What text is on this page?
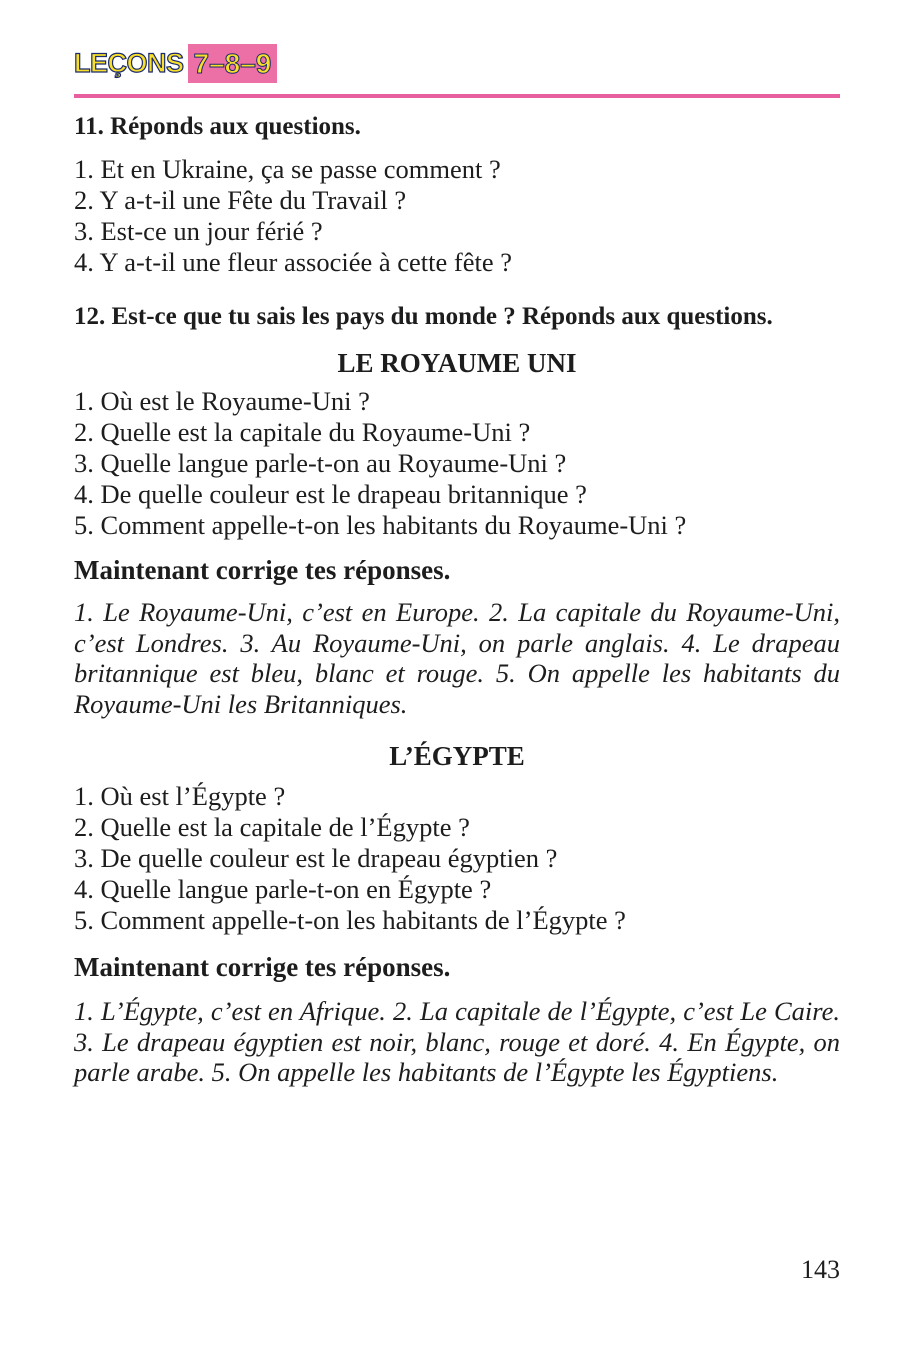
LEÇONS 7–8–9

11. Réponds aux questions.

1. Et en Ukraine, ça se passe comment ?
2. Y a-t-il une Fête du Travail ?
3. Est-ce un jour férié ?
4. Y a-t-il une fleur associée à cette fête ?

12. Est-ce que tu sais les pays du monde ? Réponds aux questions.

LE ROYAUME UNI

1. Où est le Royaume-Uni ?
2. Quelle est la capitale du Royaume-Uni ?
3. Quelle langue parle-t-on au Royaume-Uni ?
4. De quelle couleur est le drapeau britannique ?
5. Comment appelle-t-on les habitants du Royaume-Uni ?

Maintenant corrige tes réponses.

1. Le Royaume-Uni, c’est en Europe. 2. La capitale du Royaume-Uni, c’est Londres. 3. Au Royaume-Uni, on parle anglais. 4. Le drapeau britannique est bleu, blanc et rouge. 5. On appelle les habitants du Royaume-Uni les Britanniques.

L’ÉGYPTE

1. Où est l’Égypte ?
2. Quelle est la capitale de l’Égypte ?
3. De quelle couleur est le drapeau égyptien ?
4. Quelle langue parle-t-on en Égypte ?
5. Comment appelle-t-on les habitants de l’Égypte ?

Maintenant corrige tes réponses.

1. L’Égypte, c’est en Afrique. 2. La capitale de l’Égypte, c’est Le Caire. 3. Le drapeau égyptien est noir, blanc, rouge et doré. 4. En Égypte, on parle arabe. 5. On appelle les habitants de l’Égypte les Égyptiens.

143
